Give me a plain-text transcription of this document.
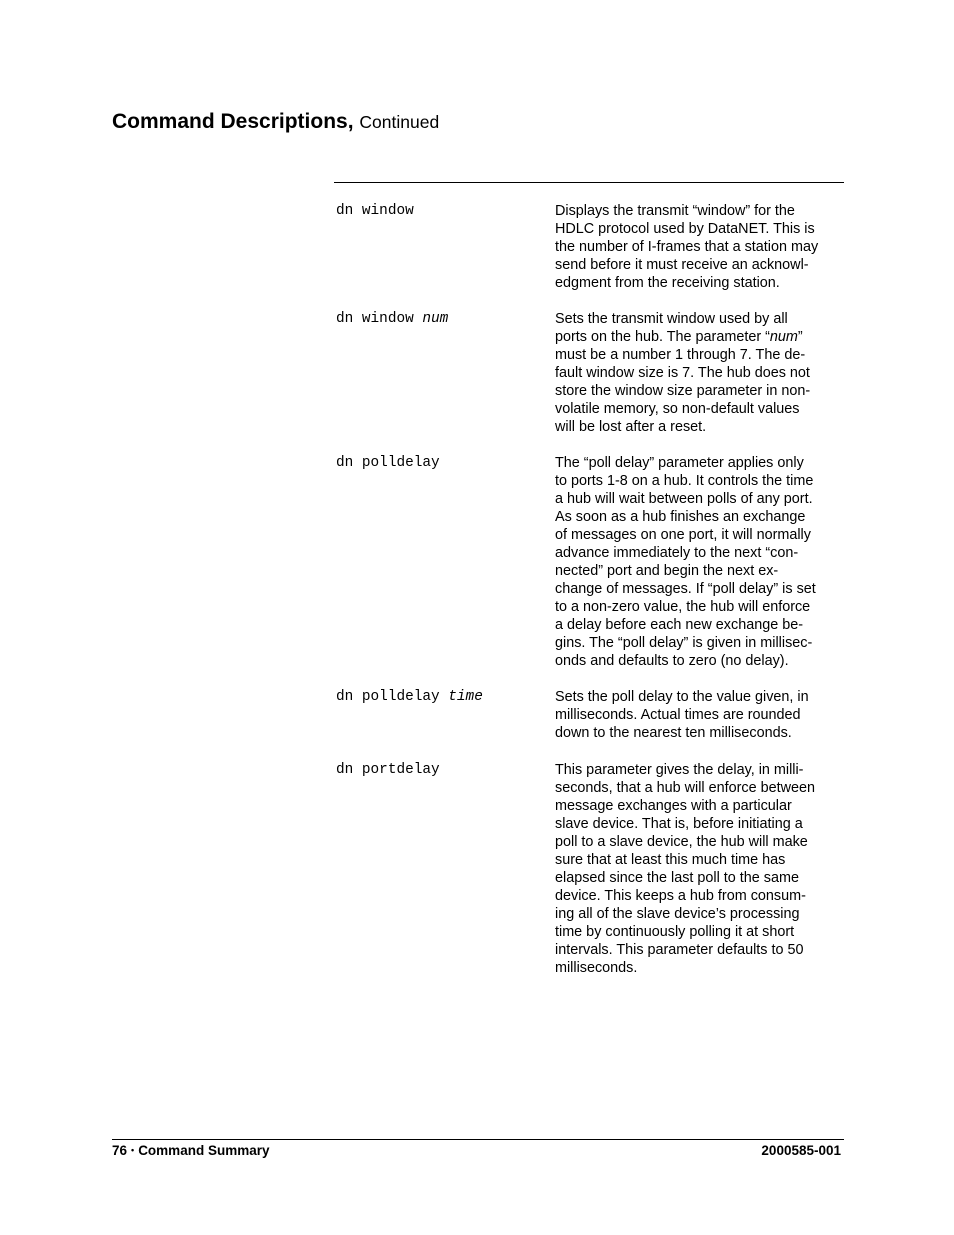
Command Descriptions, Continued
dn window	Displays the transmit “window” for the
HDLC protocol used by DataNET. This is
the number of I-frames that a station may
send before it must receive an acknowl-
edgment from the receiving station.
dn window num	Sets the transmit window used by all
ports on the hub. The parameter “num”
must be a number 1 through 7. The de-
fault window size is 7. The hub does not
store the window size parameter in non-
volatile memory, so non-default values
will be lost after a reset.
dn polldelay	The “poll delay” parameter applies only
to ports 1-8 on a hub. It controls the time
a hub will wait between polls of any port.
As soon as a hub finishes an exchange
of messages on one port, it will normally
advance immediately to the next “con-
nected” port and begin the next ex-
change of messages. If “poll delay” is set
to a non-zero value, the hub will enforce
a delay before each new exchange be-
gins. The “poll delay” is given in millisec-
onds and defaults to zero (no delay).
dn polldelay time	Sets the poll delay to the value given, in
milliseconds. Actual times are rounded
down to the nearest ten milliseconds.
dn portdelay	This parameter gives the delay, in milli-
seconds, that a hub will enforce between
message exchanges with a particular
slave device. That is, before initiating a
poll to a slave device, the hub will make
sure that at least this much time has
elapsed since the last poll to the same
device. This keeps a hub from consum-
ing all of the slave device’s processing
time by continuously polling it at short
intervals. This parameter defaults to 50
milliseconds.
76 • Command Summary	2000585-001
